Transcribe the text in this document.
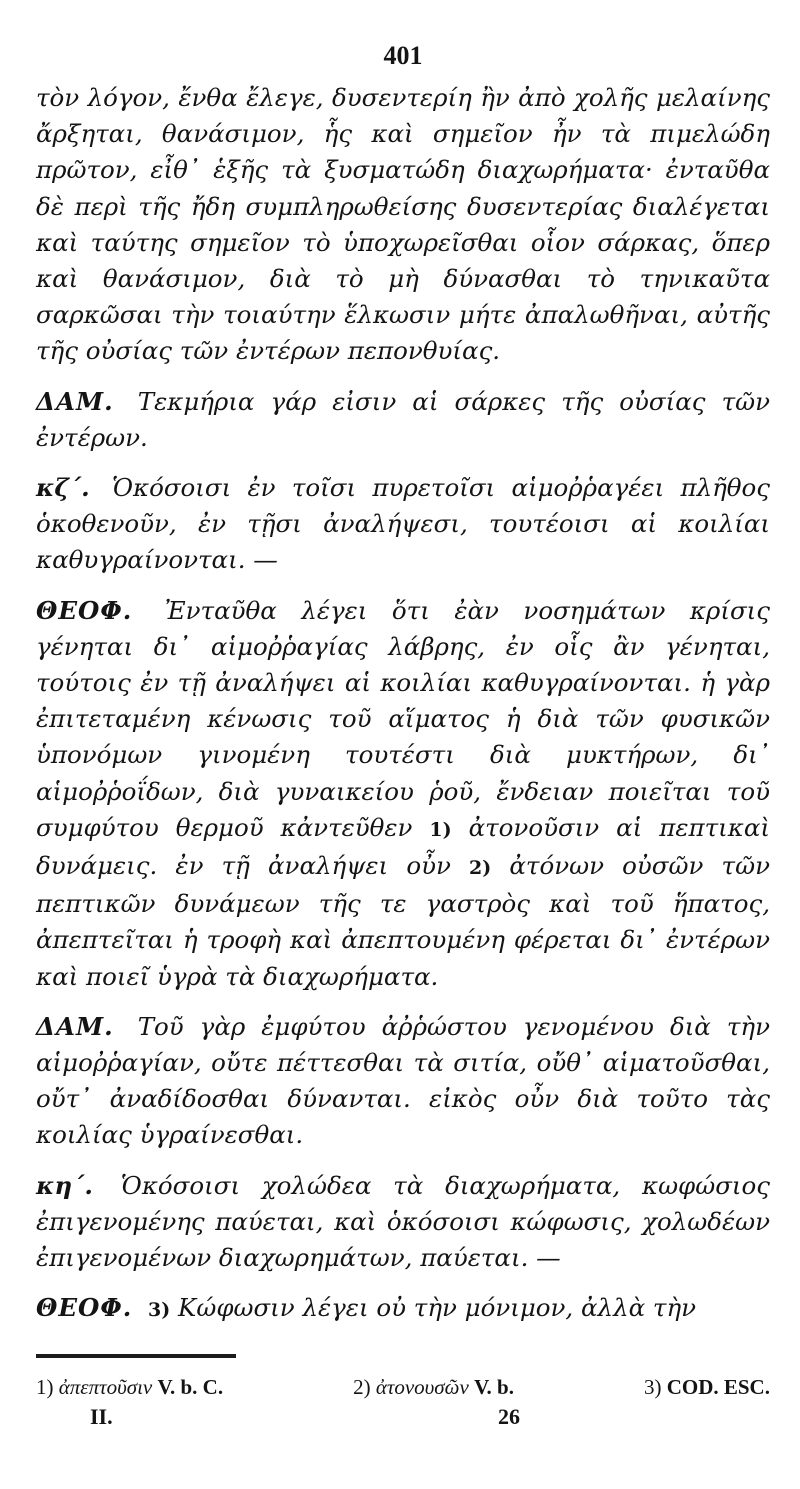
401

τὸν λόγον, ἔνθα ἔλεγε, δυσεντερίη ἢν ἀπὸ χολῆς μελαίνης ἄρξηται, θανάσιμον, ἧς καὶ σημεῖον ἦν τὰ πιμελώδη πρῶτον, εἶθ᾽ ἑξῆς τὰ ξυσματώδη διαχωρήματα· ἐνταῦθα δὲ περὶ τῆς ἤδη συμπληρωθείσης δυσεντερίας διαλέγεται καὶ ταύτης σημεῖον τὸ ὑποχωρεῖσθαι οἷον σάρκας, ὅπερ καὶ θανάσιμον, διὰ τὸ μὴ δύνασθαι τὸ τηνικαῦτα σαρκῶσαι τὴν τοιαύτην ἕλκωσιν μήτε ἀπαλωθῆναι, αὐτῆς τῆς οὐσίας τῶν ἐντέρων πεπονθυίας.

ΔΑΜ. Τεκμήρια γάρ εἰσιν αἱ σάρκες τῆς οὐσίας τῶν ἐντέρων.

κζ´. Ὁκόσοισι ἐν τοῖσι πυρετοῖσι αἱμοῤῥαγέει πλῆθος ὁκοθενοῦν, ἐν τῇσι ἀναλήψεσι, τουτέοισι αἱ κοιλίαι καθυγραίνονται. —

ΘΕΟΦ. Ἐνταῦθα λέγει ὅτι ἐὰν νοσημάτων κρίσις γένηται δι᾽ αἱμοῤῥαγίας λάβρης, ἐν οἷς ἂν γένηται, τούτοις ἐν τῇ ἀναλήψει αἱ κοιλίαι καθυγραίνονται. ἡ γὰρ ἐπιτεταμένη κένωσις τοῦ αἵματος ἡ διὰ τῶν φυσικῶν ὑπονόμων γινομένη τουτέστι διὰ μυκτήρων, δι᾽ αἱμοῤῥοΐδων, διὰ γυναικείου ῥοῦ, ἔνδειαν ποιεῖται τοῦ συμφύτου θερμοῦ κἀντεῦθεν 1) ἀτονοῦσιν αἱ πεπτικαὶ δυνάμεις. ἐν τῇ ἀναλήψει οὖν 2) ἀτόνων οὐσῶν τῶν πεπτικῶν δυνάμεων τῆς τε γαστρὸς καὶ τοῦ ἥπατος, ἀπεπτεῖται ἡ τροφὴ καὶ ἀπεπτουμένη φέρεται δι᾽ ἐντέρων καὶ ποιεῖ ὑγρὰ τὰ διαχωρήματα.

ΔΑΜ. Τοῦ γὰρ ἐμφύτου ἀῤῥώστου γενομένου διὰ τὴν αἱμοῤῥαγίαν, οὔτε πέττεσθαι τὰ σιτία, οὔθ᾽ αἱματοῦσθαι, οὔτ᾽ ἀναδίδοσθαι δύνανται. εἰκὸς οὖν διὰ τοῦτο τὰς κοιλίας ὑγραίνεσθαι.

κη´. Ὁκόσοισι χολώδεα τὰ διαχωρήματα, κωφώσιος ἐπιγενομένης παύεται, καὶ ὁκόσοισι κώφωσις, χολωδέων ἐπιγενομένων διαχωρημάτων, παύεται. —

ΘΕΟΦ. 3) Κώφωσιν λέγει οὐ τὴν μόνιμον, ἀλλὰ τὴν

1) ἀπεπτοῦσιν V. b. C.	2) ἀτονουσῶν V. b.	3) COD. ESC.
II.	26
